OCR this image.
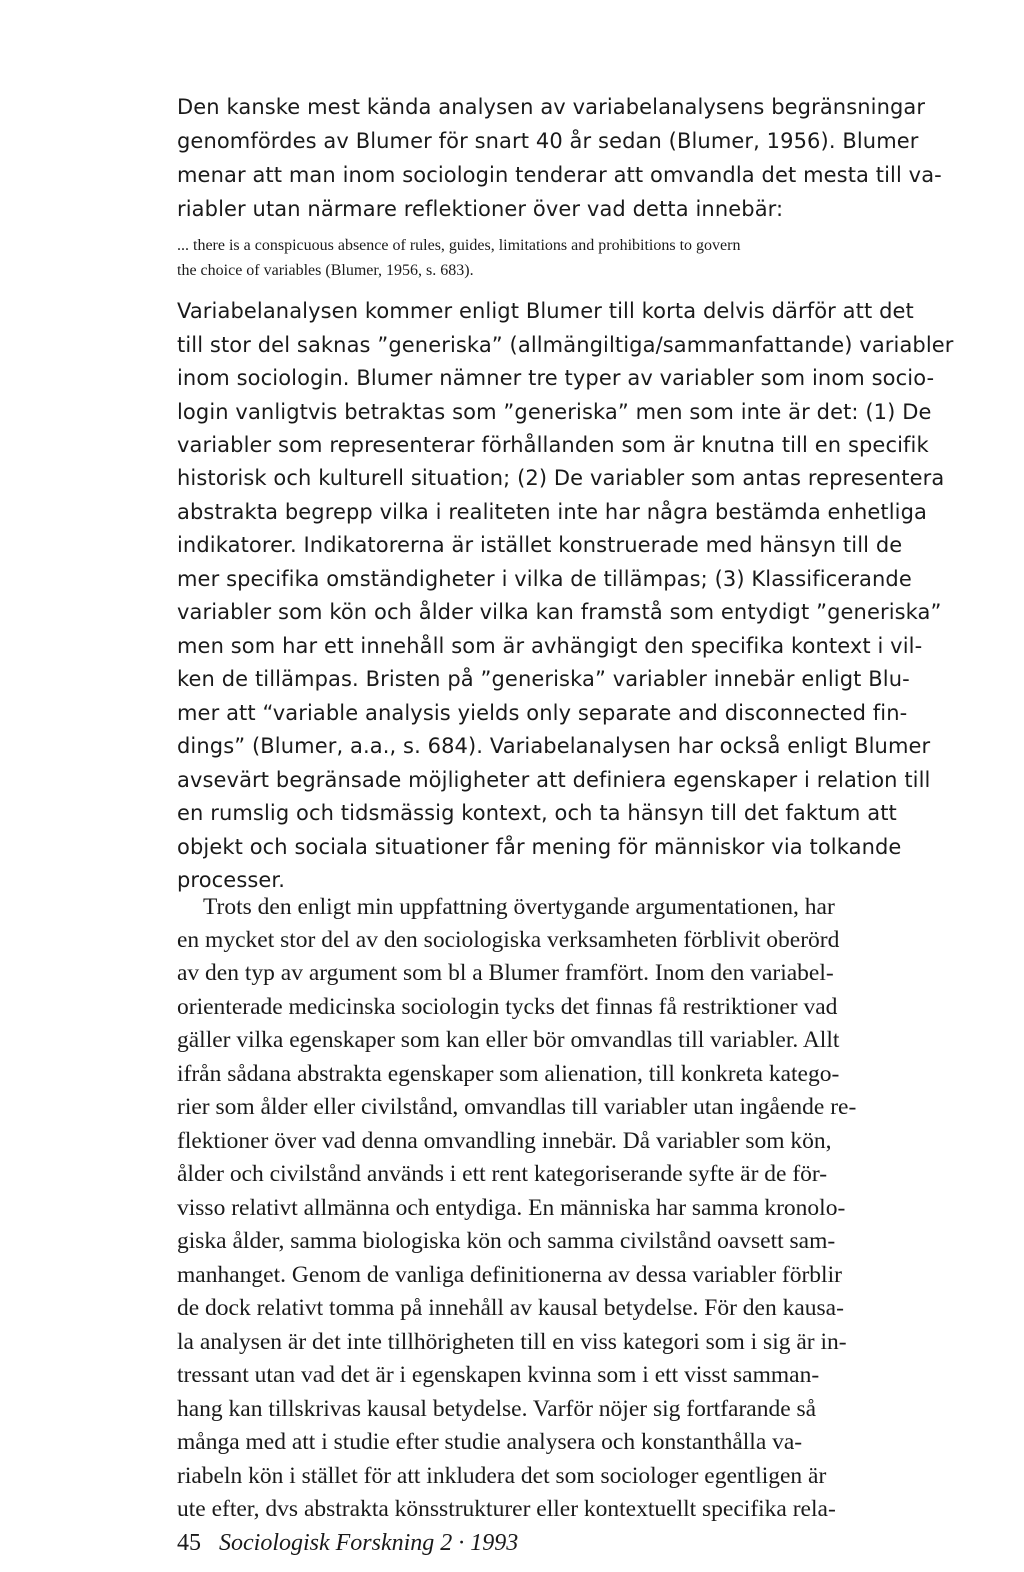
Den kanske mest kända analysen av variabelanalysens begränsningar

genomfördes av Blumer för snart 40 år sedan (Blumer, 1956). Blumer

menar att man inom sociologin tenderar att omvandla det mesta till va-

riabler utan närmare reflektioner över vad detta innebär:

... there is a conspicuous absence of rules, guides, limitations and prohibitions to govern

the choice of variables (Blumer, 1956, s. 683).

Variabelanalysen kommer enligt Blumer till korta delvis därför att det

till stor del saknas ”generiska” (allmängiltiga/sammanfattande) variabler

inom sociologin. Blumer nämner tre typer av variabler som inom socio-

login vanligtvis betraktas som ”generiska” men som inte är det: (1) De

variabler som representerar förhållanden som är knutna till en specifik

historisk och kulturell situation; (2) De variabler som antas representera

abstrakta begrepp vilka i realiteten inte har några bestämda enhetliga

indikatorer. Indikatorerna är istället konstruerade med hänsyn till de

mer specifika omständigheter i vilka de tillämpas; (3) Klassificerande

variabler som kön och ålder vilka kan framstå som entydigt ”generiska”

men som har ett innehåll som är avhängigt den specifika kontext i vil-

ken de tillämpas. Bristen på ”generiska” variabler innebär enligt Blu-

mer att “variable analysis yields only separate and disconnected fin-

dings” (Blumer, a.a., s. 684). Variabelanalysen har också enligt Blumer

avsevärt begränsade möjligheter att definiera egenskaper i relation till

en rumslig och tidsmässig kontext, och ta hänsyn till det faktum att

objekt och sociala situationer får mening för människor via tolkande

processer.

Trots den enligt min uppfattning övertygande argumentationen, har

en mycket stor del av den sociologiska verksamheten förblivit oberörd

av den typ av argument som bl a Blumer framfört. Inom den variabel-

orienterade medicinska sociologin tycks det finnas få restriktioner vad

gäller vilka egenskaper som kan eller bör omvandlas till variabler. Allt

ifrån sådana abstrakta egenskaper som alienation, till konkreta katego-

rier som ålder eller civilstånd, omvandlas till variabler utan ingående re-

flektioner över vad denna omvandling innebär. Då variabler som kön,

ålder och civilstånd används i ett rent kategoriserande syfte är de för-

visso relativt allmänna och entydiga. En människa har samma kronolo-

giska ålder, samma biologiska kön och samma civilstånd oavsett sam-

manhanget. Genom de vanliga definitionerna av dessa variabler förblir

de dock relativt tomma på innehåll av kausal betydelse. För den kausa-

la analysen är det inte tillhörigheten till en viss kategori som i sig är in-

tressant utan vad det är i egenskapen kvinna som i ett visst samman-

hang kan tillskrivas kausal betydelse. Varför nöjer sig fortfarande så

många med att i studie efter studie analysera och konstanthålla va-

riabeln kön i stället för att inkludera det som sociologer egentligen är

ute efter, dvs abstrakta könsstrukturer eller kontextuellt specifika rela-

45 Sociologisk Forskning 2 · 1993
